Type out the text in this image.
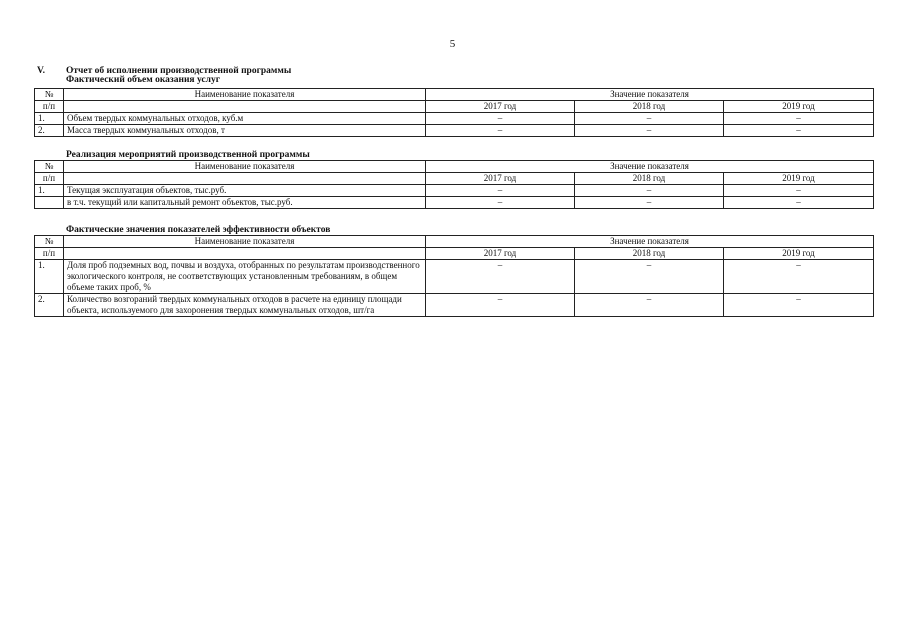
5
V. Отчет об исполнении производственной программы
Фактический объем оказания услуг
№	Наименование показателя	Значение показателя		
п/п		2017 год	2018 год	2019 год
1.	Объем твердых коммунальных отходов, куб.м	–	–	–
2.	Масса твердых коммунальных отходов, т	–	–	–
Реализация мероприятий производственной программы
№	Наименование показателя	Значение показателя		
п/п		2017 год	2018 год	2019 год
1.	Текущая эксплуатация объектов, тыс.руб.	–	–	–
	в т.ч. текущий или капитальный ремонт объектов, тыс.руб.	–	–	–
Фактические значения показателей эффективности объектов
№	Наименование показателя	Значение показателя		
п/п		2017 год	2018 год	2019 год
1.	Доля проб подземных вод, почвы и воздуха, отобранных по результатам производственного экологического контроля, не соответствующих установленным требованиям, в общем объеме таких проб, %	–	–	–
2.	Количество возгораний твердых коммунальных отходов в расчете на единицу площади объекта, используемого для захоронения твердых коммунальных отходов, шт/га	–	–	–
